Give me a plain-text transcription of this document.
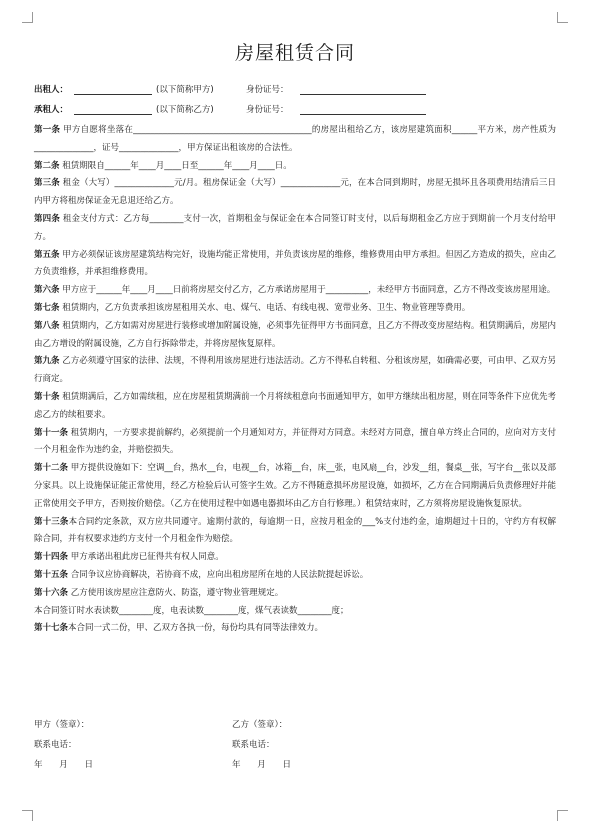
房屋租赁合同
出租人：	(以下简称甲方)	身份证号：
承租人：	(以下简称乙方)	身份证号：

第一条 甲方自愿将坐落在__________________________________________的房屋出租给乙方，该房屋建筑面积______平方米，房产性质为______________，证号______________，甲方保证出租该房的合法性。

第二条 租赁期限自______年____月____日至______年____月____日。

第三条 租金（大写）______________元/月。租房保证金（大写）______________元，在本合同到期时，房屋无损坏且各项费用结清后三日内甲方将租房保证金无息退还给乙方。

第四条 租金支付方式：乙方每________支付一次，首期租金与保证金在本合同签订时支付，以后每期租金乙方应于到期前一个月支付给甲方。

第五条 甲方必须保证该房屋建筑结构完好，设施均能正常使用，并负责该房屋的维修，维修费用由甲方承担。但因乙方造成的损失，应由乙方负责维修，并承担维修费用。

第六条 甲方应于______年____月____日前将房屋交付乙方，乙方承诺房屋用于__________，未经甲方书面同意，乙方不得改变该房屋用途。

第七条 租赁期内，乙方负责承担该房屋租用关水、电、煤气、电话、有线电视、宽带业务、卫生、物业管理等费用。

第八条 租赁期内，乙方如需对房屋进行装修或增加附属设施，必须事先征得甲方书面同意，且乙方不得改变房屋结构。租赁期满后，房屋内由乙方增设的附属设施，乙方自行拆除带走，并将房屋恢复原样。

第九条 乙方必须遵守国家的法律、法规，不得利用该房屋进行违法活动。乙方不得私自转租、分租该房屋，如确需必要，可由甲、乙双方另行商定。

第十条 租赁期满后，乙方如需续租，应在房屋租赁期满前一个月将续租意向书面通知甲方，如甲方继续出租房屋，则在同等条件下应优先考虑乙方的续租要求。

第十一条 租赁期内，一方要求提前解约，必须提前一个月通知对方，并征得对方同意。未经对方同意，擅自单方终止合同的，应向对方支付一个月租金作为违约金，并赔偿损失。

第十二条 甲方提供设施如下：空调__台，热水__台，电视__台，冰箱__台，床__张，电风扇__台，沙发__组，餐桌__张，写字台__张以及部分家具。以上设施保证能正常使用，经乙方检验后认可签字生效。乙方不得随意损坏房屋设施，如损坏，乙方在合同期满后负责修理好并能正常使用交予甲方，否则按价赔偿。（乙方在使用过程中如遇电器损坏由乙方自行修理。）租赁结束时，乙方须将房屋设施恢复原状。

第十三条本合同约定条款，双方应共同遵守。逾期付款的，每逾期一日，应按月租金的___%支付违约金，逾期超过十日的，守约方有权解除合同，并有权要求违约方支付一个月租金作为赔偿。

第十四条 甲方承诺出租此房已征得共有权人同意。

第十五条 合同争议应协商解决，若协商不成，应向出租房屋所在地的人民法院提起诉讼。

第十六条 乙方使用该房屋应注意防火、防盗，遵守物业管理规定。

本合同签订时水表读数________度，电表读数________度，煤气表读数________度；

第十七条本合同一式二份，甲、乙双方各执一份，每份均具有同等法律效力。

甲方（签章）：
联系电话：
年 月 日
乙方（签章）：
联系电话：
年 月 日
